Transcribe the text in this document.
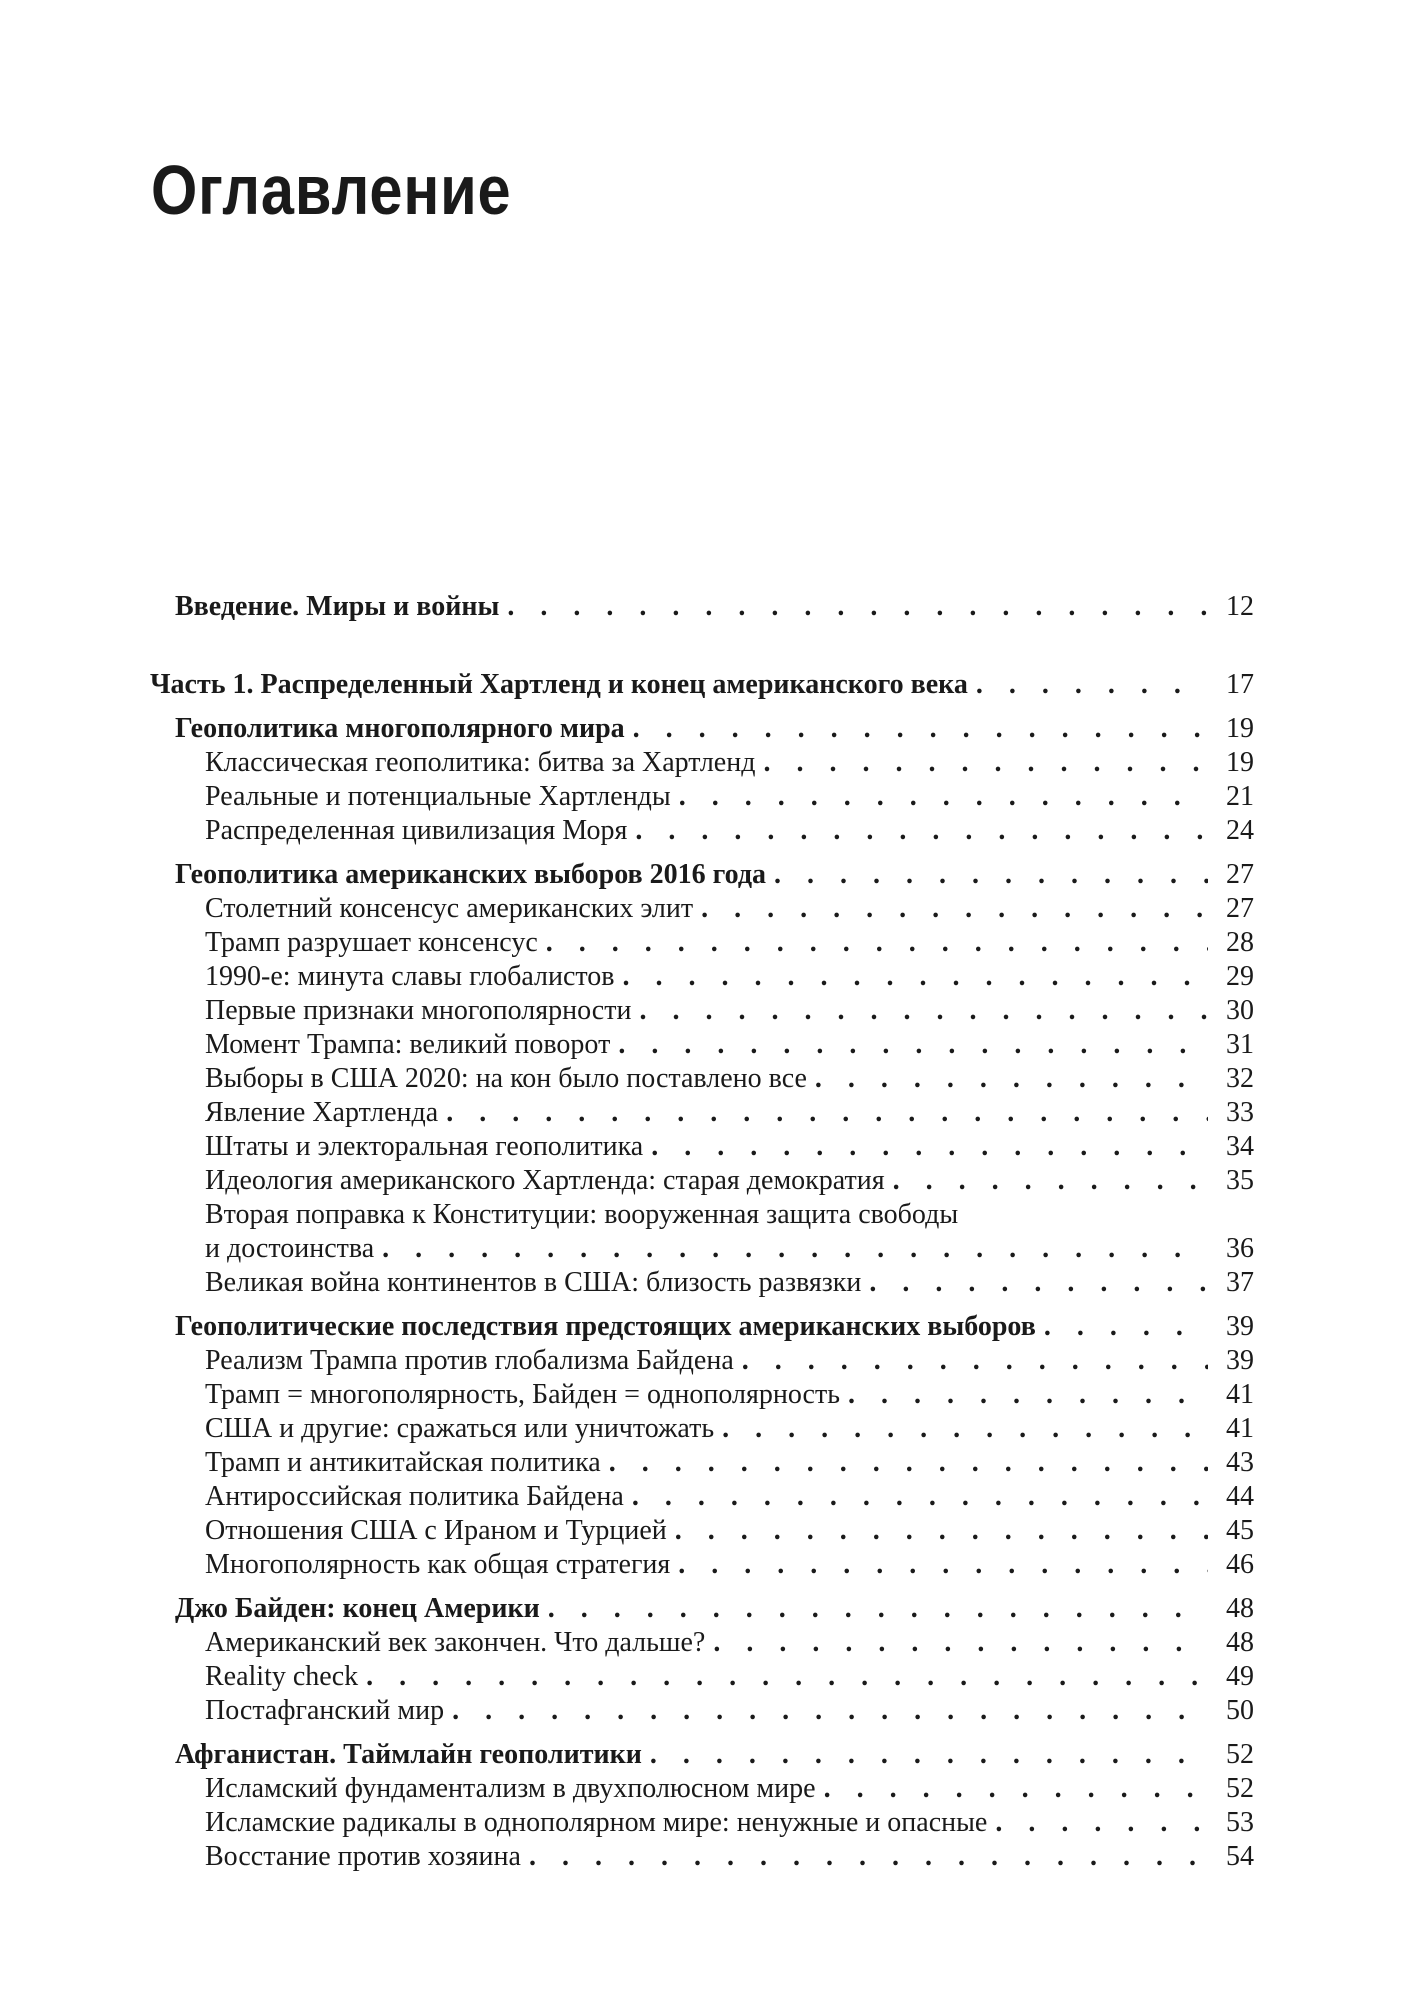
Оглавление
Введение. Миры и войны . . .	12
Часть 1. Распределенный Хартленд и конец американского века . . .	17
Геополитика многополярного мира . . .	19
Классическая геополитика: битва за Хартленд . . .	19
Реальные и потенциальные Хартленды . . .	21
Распределенная цивилизация Моря . . .	24
Геополитика американских выборов 2016 года . . .	27
Столетний консенсус американских элит . . .	27
Трамп разрушает консенсус . . .	28
1990-е: минута славы глобалистов . . .	29
Первые признаки многополярности . . .	30
Момент Трампа: великий поворот . . .	31
Выборы в США 2020: на кон было поставлено все . . .	32
Явление Хартленда . . .	33
Штаты и электоральная геополитика . . .	34
Идеология американского Хартленда: старая демократия . . .	35
Вторая поправка к Конституции: вооруженная защита свободы
и достоинства . . .	36
Великая война континентов в США: близость развязки . . .	37
Геополитические последствия предстоящих американских выборов . . .	39
Реализм Трампа против глобализма Байдена . . .	39
Трамп = многополярность, Байден = однополярность . . .	41
США и другие: сражаться или уничтожать . . .	41
Трамп и антикитайская политика . . .	43
Антироссийская политика Байдена . . .	44
Отношения США с Ираном и Турцией . . .	45
Многополярность как общая стратегия . . .	46
Джо Байден: конец Америки . . .	48
Американский век закончен. Что дальше? . . .	48
Reality check . . .	49
Постафганский мир . . .	50
Афганистан. Таймлайн геополитики . . .	52
Исламский фундаментализм в двухполюсном мире . . .	52
Исламские радикалы в однополярном мире: ненужные и опасные . . .	53
Восстание против хозяина . . .	54
